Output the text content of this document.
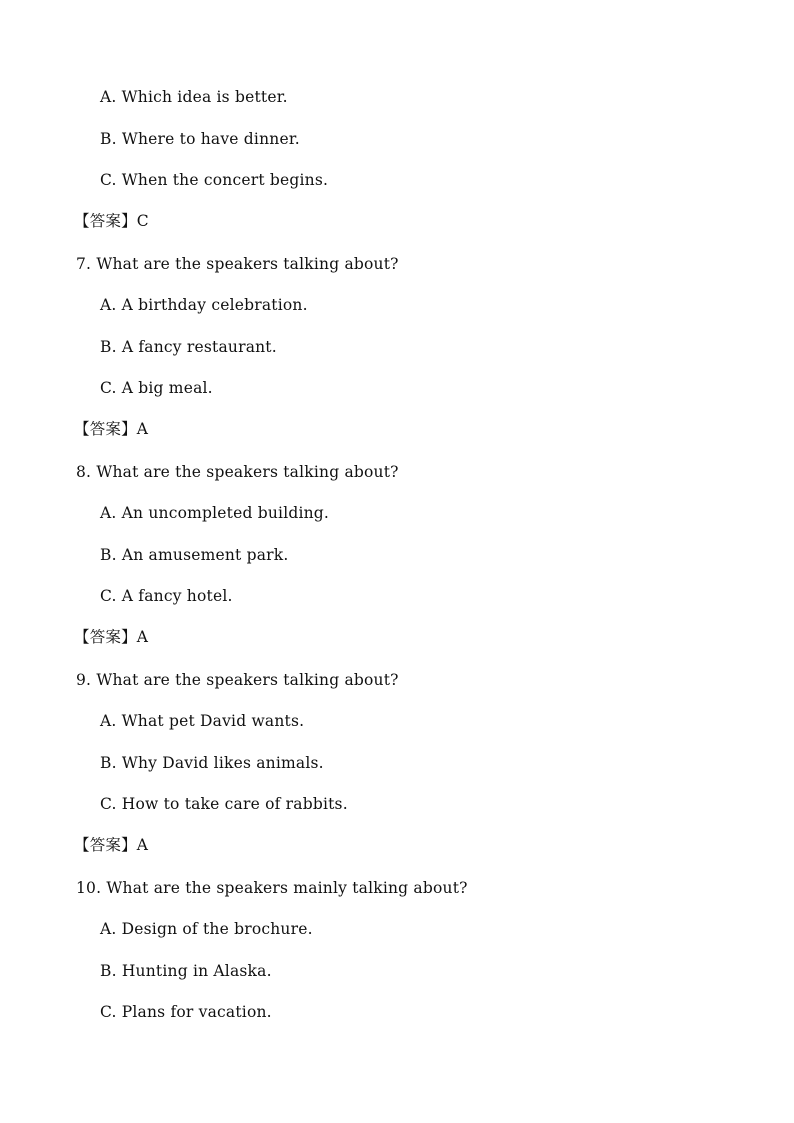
A. Which idea is better.
B. Where to have dinner.
C. When the concert begins.
【答案】C
7. What are the speakers talking about?
A. A birthday celebration.
B. A fancy restaurant.
C. A big meal.
【答案】A
8. What are the speakers talking about?
A. An uncompleted building.
B. An amusement park.
C. A fancy hotel.
【答案】A
9. What are the speakers talking about?
A. What pet David wants.
B. Why David likes animals.
C. How to take care of rabbits.
【答案】A
10. What are the speakers mainly talking about?
A. Design of the brochure.
B. Hunting in Alaska.
C. Plans for vacation.
